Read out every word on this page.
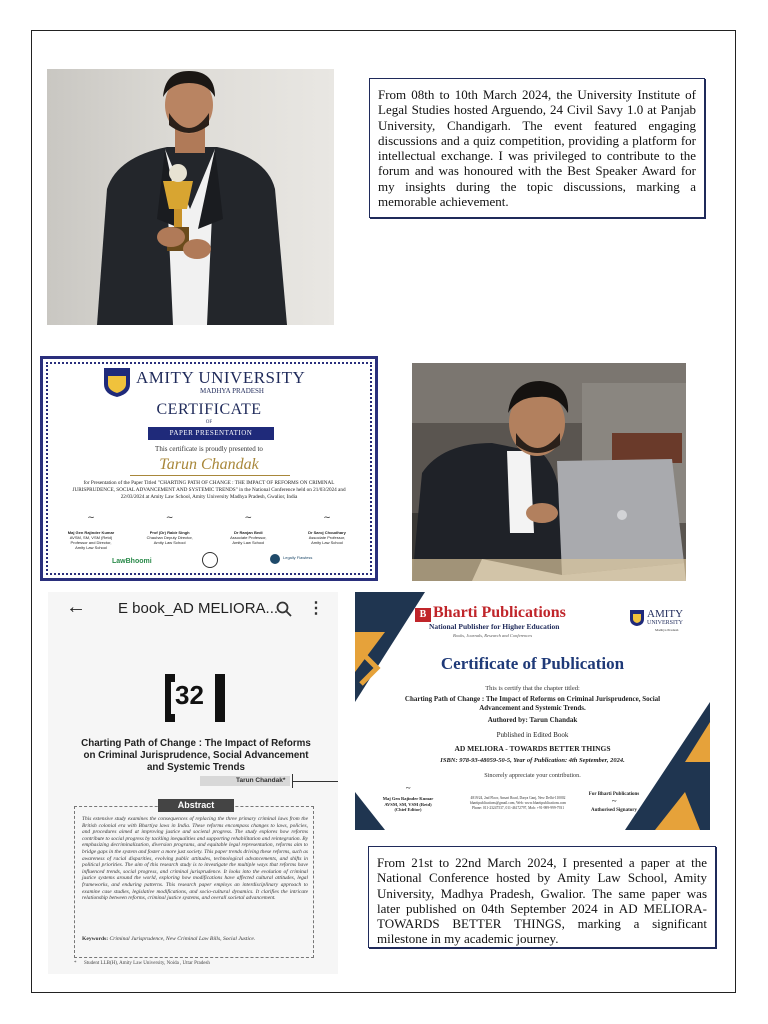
From 08th to 10th March 2024, the University Institute of Legal Studies hosted Arguendo, 24 Civil Savy 1.0 at Panjab University, Chandigarh. The event featured engaging discussions and a quiz competition, providing a platform for intellectual exchange. I was privileged to contribute to the forum and was honoured with the Best Speaker Award for my insights during the topic discussions, marking a memorable achievement.
AMITY UNIVERSITY
MADHYA PRADESH
CERTIFICATE
OF
PAPER PRESENTATION
This certificate is proudly presented to
Tarun Chandak
for Presentation of the Paper Titled "CHARTING PATH OF CHANGE : THE IMPACT OF REFORMS ON CRIMINAL JURISPRUDENCE, SOCIAL ADVANCEMENT AND SYSTEMIC TRENDS" in the National Conference held on 21/03/2024 and 22/03/2024 at Amity Law School, Amity University Madhya Pradesh, Gwalior, India
~
Maj Gen Rajinder Kumar
AVSM, SM, VSM (Retd)
Professor and Director,
Amity Law School
~
Prof (Dr) Rabir Singh
Chauhan Deputy Director,
Amity Law School
~
Dr Ranjan Bedi
Associate Professor,
Amity Law School
~
Dr Saroj Choudhary
Associate Professor,
Amity Law School
LawBhoomi
Legally Flawless
← E book_AD MELIORA... ⋮
32
Charting Path of Change : The Impact of Reforms on Criminal Jurisprudence, Social Advancement and Systemic Trends
Tarun Chandak*
Abstract
This extensive study examines the consequences of replacing the three primary criminal laws from the British colonial era with Bhartiya laws in India. These reforms encompass changes to laws, policies, and procedures aimed at improving justice and societal progress. The study explores how reforms contribute to social progress by tackling inequalities and supporting rehabilitation and reintegration. By emphasizing decriminalization, diversion programs, and equitable legal representation, reforms aim to bridge gaps in the system and foster a more just society. This paper trends driving these reforms, such as awareness of racial disparities, evolving public attitudes, technological advancements, and shifts in political priorities. The aim of this research study is to investigate the multiple ways that reforms have influenced trends, social progress, and criminal jurisprudence. It looks into the evolution of criminal justice systems around the world, exploring how modifications have affected cultural attitudes, legal frameworks, and enduring patterns. This research paper employs an interdisciplinary approach to examine case studies, legislative modifications, and socio-cultural dynamics. It clarifies the intricate relationship between reforms, criminal justice systems, and overall societal advancement.
Keywords: Criminal Jurisprudence, New Criminal Law Bills, Social Justice.
*      Student LLB(H), Amity Law University, Noida , Uttar Pradesh
B Bharti Publications
National Publisher for Higher Education
Books, Journals, Research and Conferences
AMITY
UNIVERSITY
Madhya Pradesh
Certificate of Publication
This is certify that the chapter titled:
Charting Path of Change : The Impact of Reforms on Criminal Jurisprudence, Social Advancement and Systemic Trends.
Authored by: Tarun Chandak
Published in Edited Book
AD MELIORA - TOWARDS BETTER THINGS
ISBN: 978-93-48059-50-5, Year of Publication: 4th September, 2024.
Sincerely appreciate your contribution.
~
Maj Gen Rajinder Kumar
AVSM, SM, VSM (Retd)
(Chief Editor)
4819/24, 2nd Floor, Ansari Road, Darya Ganj, New Delhi-110002
bhartipublications@gmail.com, Web: www.bhartipublications.com
Phone: 011-23247537, 011-46172797, Mob: +91-989-999-7931
For Bharti Publications
~
Authorised Signatory
From 21st to 22nd March 2024, I presented a paper at the National Conference hosted by Amity Law School, Amity University, Madhya Pradesh, Gwalior. The same paper was later published on 04th September 2024 in AD MELIORA-TOWARDS BETTER THINGS, marking a significant milestone in my academic journey.
